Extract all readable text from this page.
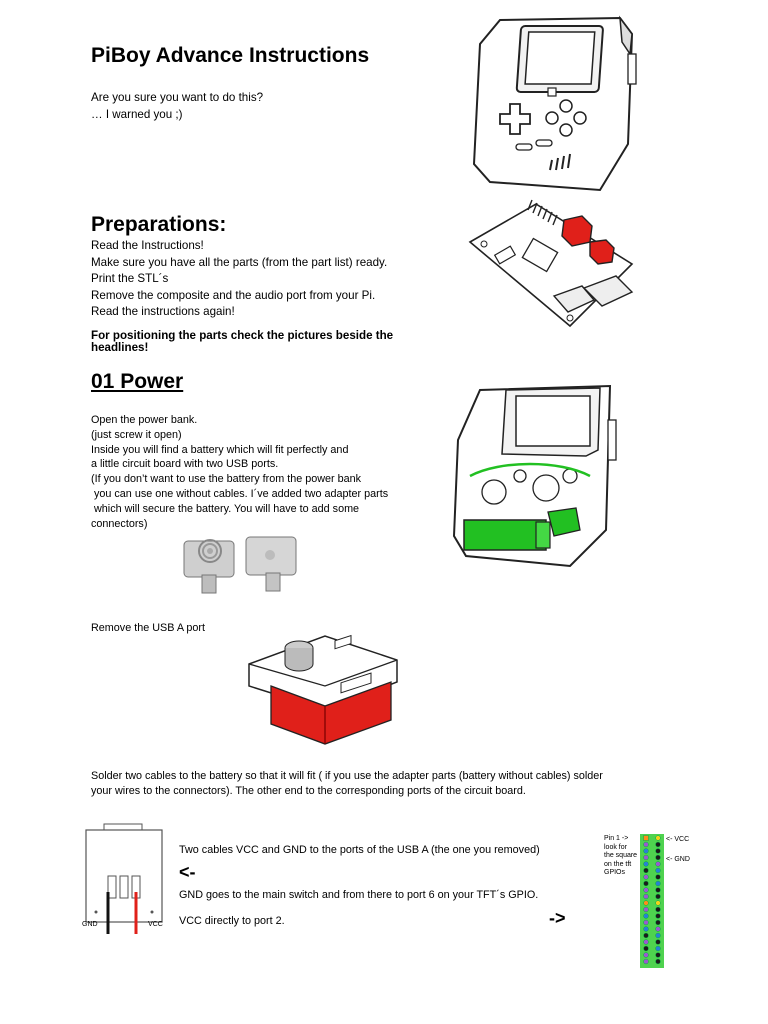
PiBoy Advance Instructions
Are you sure you want to do this?
… I warned you ;)
Preparations:
Read the Instructions!
Make sure you have all the parts (from the part list) ready.
Print the STL´s
Remove the composite and the audio port from your Pi.
Read the instructions again!
For positioning the parts check the pictures beside the
headlines!
01 Power
Open the power bank.
(just screw it open)
Inside you will find a battery which will fit perfectly and
a little circuit board with two USB ports.
(If you don’t want to use the battery from the power bank
you can use one without cables. I´ve added two adapter parts
which will secure the battery. You will have to add some
connectors)
Remove the USB A port
Solder two cables to the battery so that it will fit ( if you use the adapter parts (battery without cables) solder
your wires to the connectors). The other end to the corresponding ports of the circuit board.
GND	VCC
Two cables VCC and GND to the ports of the USB A (the one you removed)
<-
GND goes to the main switch and from there to port 6 on your TFT´s GPIO.
VCC directly to port 2.	->
Pin 1 ->
look for
the square
on the tft
GPIOs
<- VCC
<- GND
